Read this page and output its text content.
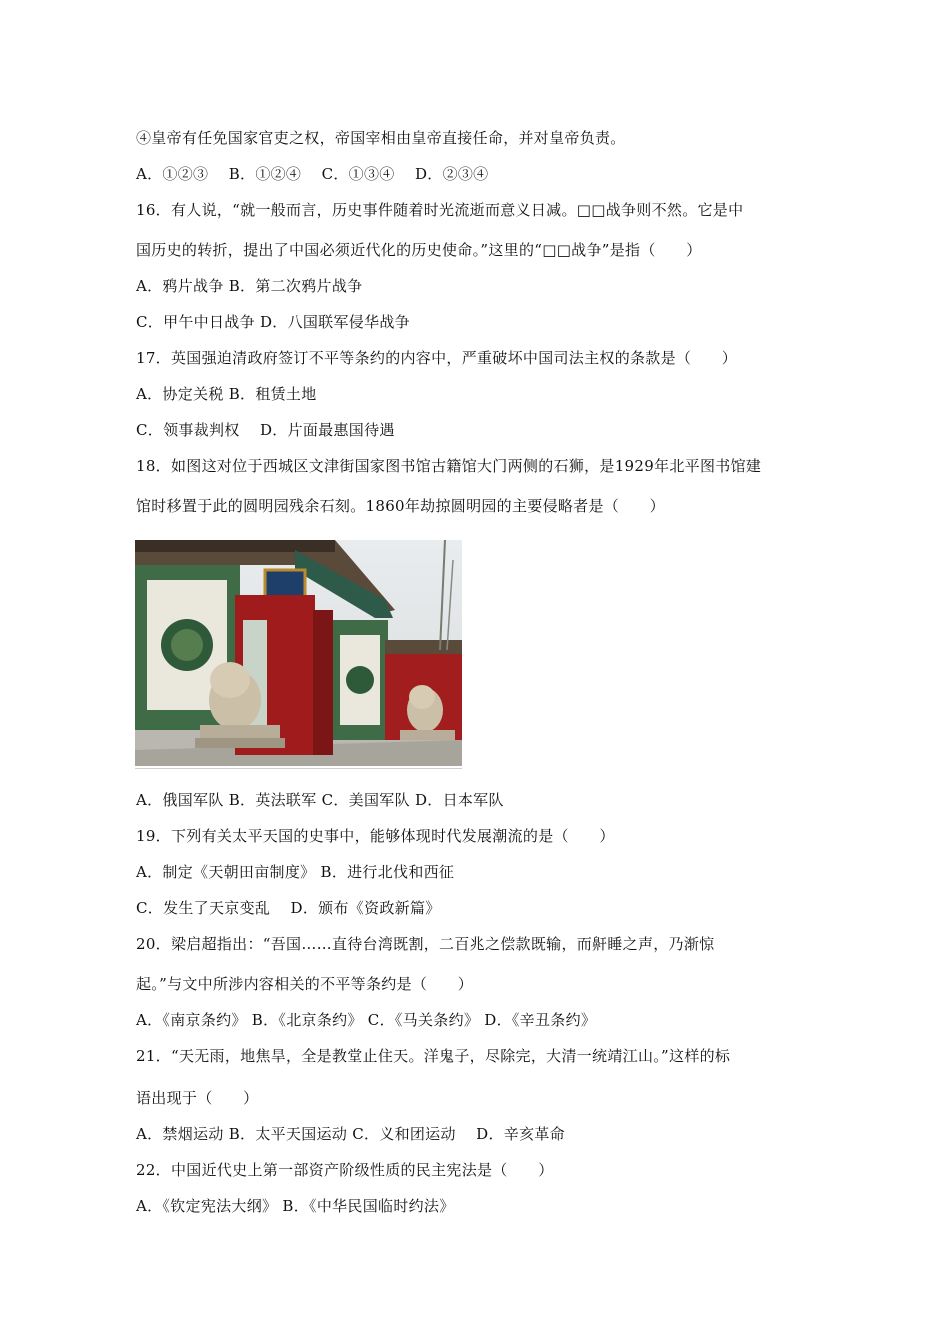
④皇帝有任免国家官吏之权，帝国宰相由皇帝直接任命，并对皇帝负责。
A．①②③　 B．①②④　 C．①③④　 D．②③④
16．有人说，“就一般而言，历史事件随着时光流逝而意义日减。□□战争则不然。它是中
国历史的转折，提出了中国必须近代化的历史使命。”这里的“□□战争”是指（　　）
A．鸦片战争 B．第二次鸦片战争
C．甲午中日战争 D．八国联军侵华战争
17．英国强迫清政府签订不平等条约的内容中，严重破坏中国司法主权的条款是（　　）
A．协定关税 B．租赁土地
C．领事裁判权　 D．片面最惠国待遇
18．如图这对位于西城区文津街国家图书馆古籍馆大门两侧的石狮，是1929年北平图书馆建
馆时移置于此的圆明园残余石刻。1860年劫掠圆明园的主要侵略者是（　　）
A．俄国军队 B．英法联军 C．美国军队 D．日本军队
19．下列有关太平天国的史事中，能够体现时代发展潮流的是（　　）
A．制定《天朝田亩制度》 B．进行北伐和西征
C．发生了天京变乱　 D．颁布《资政新篇》
20．梁启超指出：“吾国……直待台湾既割，二百兆之偿款既输，而鼾睡之声，乃渐惊
起。”与文中所涉内容相关的不平等条约是（　　）
A．《南京条约》 B．《北京条约》 C．《马关条约》 D．《辛丑条约》
21．“天无雨，地焦旱，全是教堂止住天。洋鬼子，尽除完，大清一统靖江山。”这样的标
语出现于（　　）
A．禁烟运动 B．太平天国运动 C．义和团运动　 D．辛亥革命
22．中国近代史上第一部资产阶级性质的民主宪法是（　　）
A．《钦定宪法大纲》 B．《中华民国临时约法》
